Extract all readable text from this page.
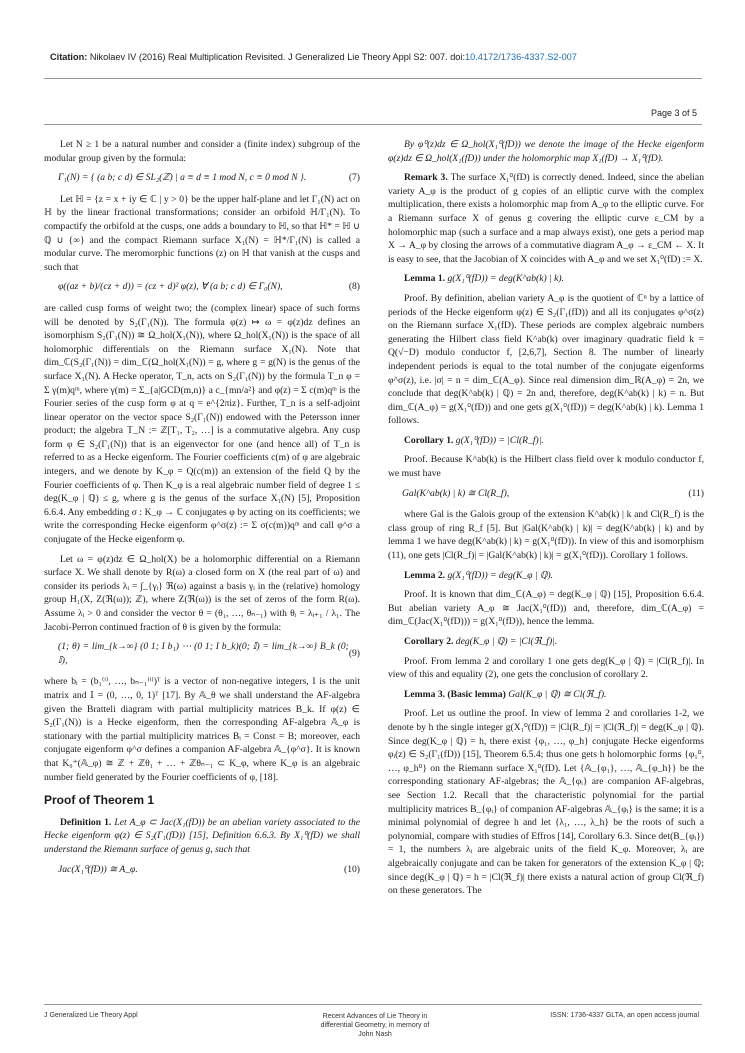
Citation: Nikolaev IV (2016) Real Multiplication Revisited. J Generalized Lie Theory Appl S2: 007. doi:10.4172/1736-4337.S2-007
Page 3 of 5

Let N ≥ 1 be a natural number and consider a (finite index) subgroup of the modular group given by the formula:

Γ₁(N) = { (a b; c d) ∈ SL₂(ℤ) | a ≡ d ≡ 1 mod N, c ≡ 0 mod N }.	(7)

Let ℍ = {z = x + iy ∈ ℂ | y > 0} be the upper half-plane and let Γ₁(N) act on ℍ by the linear fractional transformations; consider an orbifold ℍ/Γ₁(N). To compactify the orbifold at the cusps, one adds a boundary to ℍ, so that ℍ* = ℍ ∪ ℚ ∪ {∞} and the compact Riemann surface X₁(N) = ℍ*/Γ₁(N) is called a modular curve. The meromorphic functions (z) on ℍ that vanish at the cusps and such that

φ((az + b)/(cz + d)) = (cz + d)² φ(z), ∀ (a b; c d) ∈ Γ₀(N),	(8)

are called cusp forms of weight two; the (complex linear) space of such forms will be denoted by S₂(Γ₁(N)). The formula φ(z) ↦ ω = φ(z)dz defines an isomorphism S₂(Γ₁(N)) ≅ Ω_hol(X₁(N)), where Ω_hol(X₁(N)) is the space of all holomorphic differentials on the Riemann surface X₁(N). Note that dim_ℂ(S₂(Γ₁(N)) = dim_ℂ(Ω_hol(X₁(N)) = g, where g = g(N) is the genus of the surface X₁(N). A Hecke operator, T_n, acts on S₂(Γ₁(N)) by the formula T_n φ = Σ γ(m)qᵐ, where γ(m) = Σ_{a|GCD(m,n)} a c_{mn/a²} and φ(z) = Σ c(m)qᵐ is the Fourier series of the cusp form φ at q = e^{2πiz}. Further, T_n is a self-adjoint linear operator on the vector space S₂(Γ₁(N)) endowed with the Petersson inner product; the algebra 𝕋_N := ℤ[T₁, T₂, …] is a commutative algebra. Any cusp form φ ∈ S₂(Γ₁(N)) that is an eigenvector for one (and hence all) of T_n is referred to as a Hecke eigenform. The Fourier coefficients c(m) of φ are algebraic integers, and we denote by K_φ = Q(c(m)) an extension of the field Q by the Fourier coefficients of φ. Then K_φ is a real algebraic number field of degree 1 ≤ deg(K_φ | ℚ) ≤ g, where g is the genus of the surface X₁(N) [5], Proposition 6.6.4. Any embedding σ : K_φ → ℂ conjugates φ by acting on its coefficients; we write the corresponding Hecke eigenform φ^σ(z) := Σ σ(c(m))qᵐ and call φ^σ a conjugate of the Hecke eigenform φ.

Let ω = φ(z)dz ∈ Ω_hol(X) be a holomorphic differential on a Riemann surface X. We shall denote by R(ω) a closed form on X (the real part of ω) and consider its periods λᵢ = ∫_{γᵢ} ℜ(ω) against a basis γᵢ in the (relative) homology group H₁(X, Z(ℜ(ω)); ℤ), where Z(ℜ(ω)) is the set of zeros of the form R(ω). Assume λᵢ > 0 and consider the vector θ = (θ₁, …, θₙ₋₁) with θᵢ = λᵢ₊₁ / λ₁. The Jacobi-Perron continued fraction of θ is given by the formula:

(1; θ) = lim_{k→∞} (0 1; I b₁) ⋯ (0 1; I b_k)(0; 𝕀) = lim_{k→∞} B_k (0; 𝕀),
(9)

where bᵢ = (b₁⁽ⁱ⁾, …, bₙ₋₁⁽ⁱ⁾)ᵀ is a vector of non-negative integers, I is the unit matrix and 𝕀 = (0, …, 0, 1)ᵀ [17]. By 𝔸_θ we shall understand the AF-algebra given the Bratteli diagram with partial multiplicity matrices B_k. If φ(z) ∈ S₂(Γ₁(N)) is a Hecke eigenform, then the corresponding AF-algebra 𝔸_φ is stationary with the partial multiplicity matrices Bᵢ = Const = B; moreover, each conjugate eigenform φ^σ defines a companion AF-algebra 𝔸_{φ^σ}. It is known that K₀⁺(𝔸_φ) ≅ ℤ + ℤθ₁ + … + ℤθₙ₋₁ ⊂ K_φ, where K_φ is an algebraic number field generated by the Fourier coefficients of φ, [18].

Proof of Theorem 1

Definition 1. Let A_φ ⊂ Jac(X₁(fD)) be an abelian variety associated to the Hecke eigenform φ(z) ∈ S₂(Γ₁(fD)) [15], Definition 6.6.3. By X₁⁰(fD) we shall understand the Riemann surface of genus g, such that

Jac(X₁⁰(fD)) ≅ A_φ.	(10)

By φ⁰(z)dz ∈ Ω_hol(X₁⁰(fD)) we denote the image of the Hecke eigenform φ(z)dz ∈ Ω_hol(X₁(fD)) under the holomorphic map X₁(fD) → X₁⁰(fD).

Remark 3. The surface X₁⁰(fD) is correctly dened. Indeed, since the abelian variety A_φ is the product of g copies of an elliptic curve with the complex multiplication, there exists a holomorphic map from A_φ to the elliptic curve. For a Riemann surface X of genus g covering the elliptic curve ε_CM by a holomorphic map (such a surface and a map always exist), one gets a period map X → A_φ by closing the arrows of a commutative diagram A_φ → ε_CM ← X. It is easy to see, that the Jacobian of X coincides with A_φ and we set X₁⁰(fD) := X.

Lemma 1. g(X₁⁰(fD)) = deg(K^ab(k) | k).

Proof. By definition, abelian variety A_φ is the quotient of ℂⁿ by a lattice of periods of the Hecke eigenform φ(z) ∈ S₂(Γ₁(fD)) and all its conjugates φ^σ(z) on the Riemann surface X₁(fD). These periods are complex algebraic numbers generating the Hilbert class field K^ab(k) over imaginary quadratic field k = Q(√−D) modulo conductor f, [2,6,7], Section 8. The number of linearly independent periods is equal to the total number of the conjugate eigenforms φ^σ(z), i.e. |σ| = n = dim_ℂ(A_φ). Since real dimension dim_ℝ(A_φ) = 2n, we conclude that deg(K^ab(k) | ℚ) = 2n and, therefore, deg(K^ab(k) | k) = n. But dim_ℂ(A_φ) = g(X₁⁰(fD)) and one gets g(X₁⁰(fD)) = deg(K^ab(k) | k). Lemma 1 follows.

Corollary 1. g(X₁⁰(fD)) = |Cl(R_f)|.

Proof. Because K^ab(k) is the Hilbert class field over k modulo conductor f, we must have

Gal(K^ab(k) | k) ≅ Cl(R_f),	(11)

where Gal is the Galois group of the extension K^ab(k) | k and Cl(R_f) is the class group of ring R_f [5]. But |Gal(K^ab(k) | k)| = deg(K^ab(k) | k) and by lemma 1 we have deg(K^ab(k) | k) = g(X₁⁰(fD)). In view of this and isomorphism (11), one gets |Cl(R_f)| = |Gal(K^ab(k) | k)| = g(X₁⁰(fD)). Corollary 1 follows.

Lemma 2. g(X₁⁰(fD)) = deg(K_φ | ℚ).

Proof. It is known that dim_ℂ(A_φ) = deg(K_φ | ℚ) [15], Proposition 6.6.4. But abelian variety A_φ ≅ Jac(X₁⁰(fD)) and, therefore, dim_ℂ(A_φ) = dim_ℂ(Jac(X₁⁰(fD))) = g(X₁⁰(fD)), hence the lemma.

Corollary 2. deg(K_φ | ℚ) = |Cl(ℜ_f)|.

Proof. From lemma 2 and corollary 1 one gets deg(K_φ | ℚ) = |Cl(R_f)|. In view of this and equality (2), one gets the conclusion of corollary 2.

Lemma 3. (Basic lemma) Gal(K_φ | ℚ) ≅ Cl(ℜ_f).

Proof. Let us outline the proof. In view of lemma 2 and corollaries 1-2, we denote by h the single integer g(X₁⁰(fD)) = |Cl(R_f)| = |Cl(ℜ_f)| = deg(K_φ | ℚ). Since deg(K_φ | ℚ) = h, there exist {φ₁, …, φ_h} conjugate Hecke eigenforms φᵢ(z) ∈ S₂(Γ₁(fD)) [15], Theorem 6.5.4; thus one gets h holomorphic forms {φ₁⁰, …, φ_h⁰} on the Riemann surface X₁⁰(fD). Let {𝔸_{φ₁}, …, 𝔸_{φ_h}} be the corresponding stationary AF-algebras; the 𝔸_{φᵢ} are companion AF-algebras, see Section 1.2. Recall that the characteristic polynomial for the partial multiplicity matrices B_{φᵢ} of companion AF-algebras 𝔸_{φᵢ} is the same; it is a minimal polynomial of degree h and let {λ₁, …, λ_h} be the roots of such a polynomial, compare with studies of Effros [14], Corollary 6.3. Since det(B_{φᵢ}) = 1, the numbers λᵢ are algebraic units of the field K_φ. Moreover, λᵢ are algebraically conjugate and can be taken for generators of the extension K_φ | ℚ; since deg(K_φ | ℚ) = h = |Cl(ℜ_f)| there exists a natural action of group Cl(ℜ_f) on these generators. The

J Generalized Lie Theory Appl	Recent Advances of Lie Theory in
differential Geometry, in memory of
John Nash
ISSN: 1736-4337 GLTA, an open access journal
